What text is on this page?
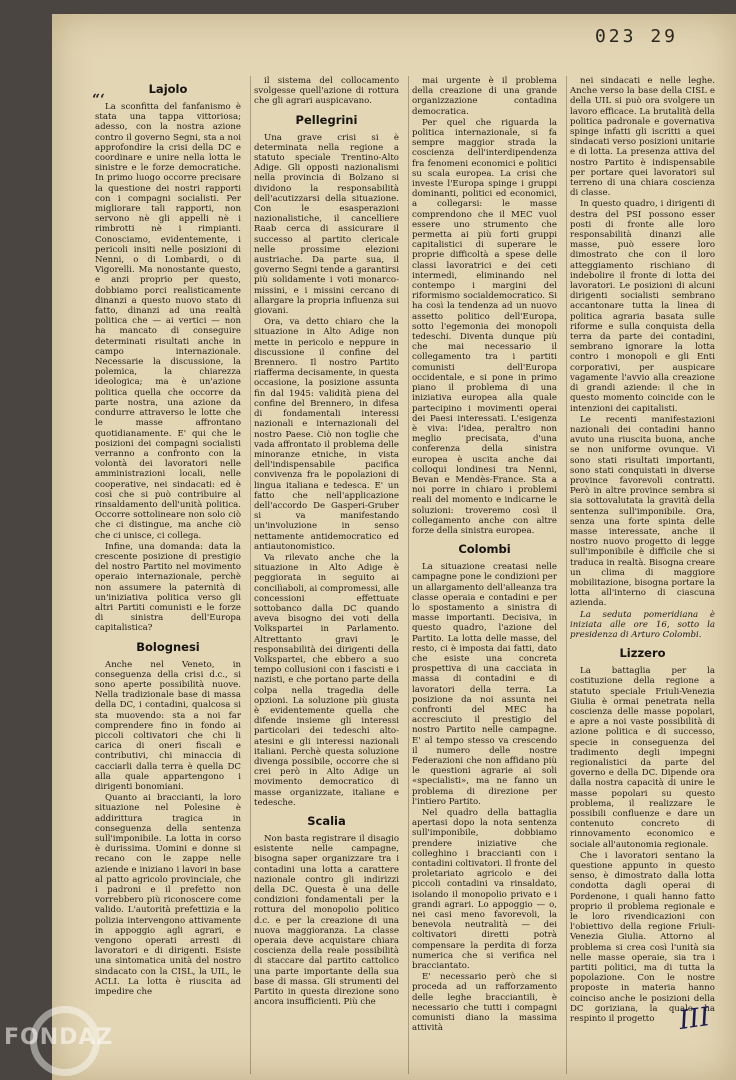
023 29
“‘
Lajolo

La sconfitta del fanfanismo è stata una tappa vittoriosa; adesso, con la nostra azione contro il governo Segni, sta a noi approfondire la crisi della DC e coordinare e unire nella lotta le sinistre e le forze democratiche. In primo luogo occorre precisare la questione dei nostri rapporti con i compagni socialisti. Per migliorare tali rapporti, non servono nè gli appelli nè i rimbrotti nè i rimpianti. Conosciamo, evidentemente, i pericoli insiti nelle posizioni di Nenni, o di Lombardi, o di Vigorelli. Ma nonostante questo, e anzi proprio per questo, dobbiamo porci realisticamente dinanzi a questo nuovo stato di fatto, dinanzi ad una realtà politica che — ai vertici — non ha mancato di conseguire determinati risultati anche in campo internazionale. Necessarie la discussione, la polemica, la chiarezza ideologica; ma è un'azione politica quella che occorre da parte nostra, una azione da condurre attraverso le lotte che le masse affrontano quotidianamente. E' qui che le posizioni dei compagni socialisti verranno a confronto con la volontà dei lavoratori nelle amministrazioni locali, nelle cooperative, nei sindacati: ed è così che si può contribuire al rinsaldamento dell'unità politica. Occorre sottolineare non solo ciò che ci distingue, ma anche ciò che ci unisce, ci collega.

Infine, una domanda: data la crescente posizione di prestigio del nostro Partito nel movimento operaio internazionale, perchè non assumere la paternità di un'iniziativa politica verso gli altri Partiti comunisti e le forze di sinistra dell'Europa capitalistica?

Bolognesi

Anche nel Veneto, in conseguenza della crisi d.c., si sono aperte possibilità nuove. Nella tradizionale base di massa della DC, i contadini, qualcosa si sta muovendo: sta a noi far comprendere fino in fondo ai piccoli coltivatori che chi li carica di oneri fiscali e contributivi, chi minaccia di cacciarli dalla terra è quella DC alla quale appartengono i dirigenti bonomiani.

Quanto ai braccianti, la loro situazione nel Polesine è addirittura tragica in conseguenza della sentenza sull'imponibile. La lotta in corso è durissima. Uomini e donne si recano con le zappe nelle aziende e iniziano i lavori in base al patto agricolo provinciale, che i padroni e il prefetto non vorrebbero più riconoscere come valido. L'autorità prefettizia e la polizia intervengono attivamente in appoggio agli agrari, e vengono operati arresti di lavoratori e di dirigenti. Esiste una sintomatica unità del nostro sindacato con la CISL, la UIL, le ACLI. La lotta è riuscita ad impedire che

il sistema del collocamento svolgesse quell'azione di rottura che gli agrari auspicavano.

Pellegrini

Una grave crisi si è determinata nella regione a statuto speciale Trentino-Alto Adige. Gli opposti nazionalismi nella provincia di Bolzano si dividono la responsabilità dell'acutizzarsi della situazione. Con le esasperazioni nazionalistiche, il cancelliere Raab cerca di assicurare il successo al partito clericale nelle prossime elezioni austriache. Da parte sua, il governo Segni tende a garantirsi più solidamente i voti monarco-missini, e i missini cercano di allargare la propria influenza sui giovani.

Ora, va detto chiaro che la situazione in Alto Adige non mette in pericolo e neppure in discussione il confine del Brennero. Il nostro Partito riafferma decisamente, in questa occasione, la posizione assunta fin dal 1945: validità piena del confine del Brennero, in difesa di fondamentali interessi nazionali e internazionali del nostro Paese. Ciò non toglie che vada affrontato il problema delle minoranze etniche, in vista dell'indispensabile pacifica convivenza fra le popolazioni di lingua italiana e tedesca. E' un fatto che nell'applicazione dell'accordo De Gasperi-Gruber si va manifestando un'involuzione in senso nettamente antidemocratico ed antiautonomistico.

Va rilevato anche che la situazione in Alto Adige è peggiorata in seguito ai concilìaboli, ai compromessi, alle concessioni effettuate sottobanco dalla DC quando aveva bisogno dei voti della Volkspartei in Parlamento. Altrettanto gravi le responsabilità dei dirigenti della Volkspartei, che ebbero a suo tempo collusioni con i fascisti e i nazisti, e che portano parte della colpa nella tragedia delle opzioni. La soluzione più giusta è evidentemente quella che difende insieme gli interessi particolari dei tedeschi alto-atesini e gli interessi nazionali italiani. Perchè questa soluzione divenga possibile, occorre che si crei però in Alto Adige un movimento democratico di masse organizzate, italiane e tedesche.

Scalia

Non basta registrare il disagio esistente nelle campagne, bisogna saper organizzare tra i contadini una lotta a carattere nazionale contro gli indirizzi della DC. Questa è una delle condizioni fondamentali per la rottura del monopolio politico d.c. e per la creazione di una nuova maggioranza. La classe operaia deve acquistare chiara coscienza della reale possibilità di staccare dal partito cattolico una parte importante della sua base di massa. Gli strumenti del Partito in questa direzione sono ancora insufficienti. Più che

mai urgente è il problema della creazione di una grande organizzazione contadina democratica.

Per quel che riguarda la politica internazionale, si fa sempre maggior strada la coscienza dell'interdipendenza fra fenomeni economici e politici su scala europea. La crisi che investe l'Europa spinge i gruppi dominanti, politici ed economici, a collegarsi: le masse comprendono che il MEC vuol essere uno strumento che permetta ai più forti gruppi capitalistici di superare le proprie difficoltà a spese delle classi lavoratrici e dei ceti intermedi, eliminando nel contempo i margini del riformismo socialdemocratico. Si ha così la tendenza ad un nuovo assetto politico dell'Europa, sotto l'egemonia dei monopoli tedeschi. Diventa dunque più che mai necessario il collegamento tra i partiti comunisti dell'Europa occidentale, e si pone in primo piano il problema di una iniziativa europea alla quale partecipino i movimenti operai dei Paesi interessati. L'esigenza è viva: l'idea, peraltro non meglio precisata, d'una conferenza della sinistra europea è uscita anche dai colloqui londinesi tra Nenni, Bevan e Mendès-France. Sta a noi porre in chiaro i problemi reali del momento e indicarne le soluzioni: troveremo così il collegamento anche con altre forze della sinistra europea.

Colombi

La situazione creatasi nelle campagne pone le condizioni per un allargamento dell'alleanza tra classe operaia e contadini e per lo spostamento a sinistra di masse importanti. Decisiva, in questo quadro, l'azione del Partito. La lotta delle masse, del resto, ci è imposta dai fatti, dato che esiste una concreta prospettiva di una cacciata in massa di contadini e di lavoratori della terra. La posizione da noi assunta nei confronti del MEC ha accresciuto il prestigio del nostro Partito nelle campagne. E' al tempo stesso va crescendo il numero delle nostre Federazioni che non affidano più le questioni agrarie ai soli «specialisti», ma ne fanno un problema di direzione per l'intiero Partito.

Nel quadro della battaglia apertasi dopo la nota sentenza sull'imponibile, dobbiamo prendere iniziative che colleghino i braccianti con i contadini coltivatori. Il fronte del proletariato agricolo e dei piccoli contadini va rinsaldato, isolando il monopolio privato e i grandi agrari. Lo appoggio — o, nei casi meno favorevoli, la benevola neutralità — dei coltivatori diretti potrà compensare la perdita di forza numerica che si verifica nel bracciantato.

E' necessario però che si proceda ad un rafforzamento delle leghe bracciantili, è necessario che tutti i compagni comunisti diano la massima attività

nei sindacati e nelle leghe. Anche verso la base della CISL e della UIL si può ora svolgere un lavoro efficace. La brutalità della politica padronale e governativa spinge infatti gli iscritti a quei sindacati verso posizioni unitarie e di lotta. La presenza attiva del nostro Partito è indispensabile per portare quei lavoratori sul terreno di una chiara coscienza di classe.

In questo quadro, i dirigenti di destra del PSI possono esser posti di fronte alle loro responsabilità dinanzi alle masse, può essere loro dimostrato che con il loro atteggiamento rischiano di indebolire il fronte di lotta dei lavoratori. Le posizioni di alcuni dirigenti socialisti sembrano accantonare tutta la linea di politica agraria basata sulle riforme e sulla conquista della terra da parte dei contadini, sembrano ignorare la lotta contro i monopoli e gli Enti corporativi, per auspicare vagamente l'avvio alla creazione di grandi aziende: il che in questo momento coincide con le intenzioni dei capitalisti.

Le recenti manifestazioni nazionali dei contadini hanno avuto una riuscita buona, anche se non uniforme ovunque. Vi sono stati risultati importanti, sono stati conquistati in diverse province favorevoli contratti. Però in altre province sembra si sia sottovalutata la gravità della sentenza sull'imponibile. Ora, senza una forte spinta delle masse interessate, anche il nostro nuovo progetto di legge sull'imponibile è difficile che si traduca in realtà. Bisogna creare un clima di maggiore mobilitazione, bisogna portare la lotta all'interno di ciascuna azienda.

La seduta pomeridiana è iniziata alle ore 16, sotto la presidenza di Arturo Colombi.

Lizzero

La battaglia per la costituzione della regione a statuto speciale Friuli-Venezia Giulia è ormai penetrata nella coscienza delle masse popolari, e apre a noi vaste possibilità di azione politica e di successo, specie in conseguenza del tradimento degli impegni regionalistici da parte del governo e della DC. Dipende ora dalla nostra capacità di unire le masse popolari su questo problema, il realizzare le possibili confluenze e dare un contenuto concreto di rinnovamento economico e sociale all'autonomia regionale.

Che i lavoratori sentano la questione appunto in questo senso, è dimostrato dalla lotta condotta dagli operai di Pordenone, i quali hanno fatto proprio il problema regionale e le loro rivendicazioni con l'obiettivo della regione Friuli-Venezia Giulia. Attorno al problema si crea così l'unità sia nelle masse operaie, sia tra i partiti politici, ma di tutta la popolazione. Con le nostre proposte in materia hanno coinciso anche le posizioni della DC goriziana, la quale ha respinto il progetto III
FONDAZ
